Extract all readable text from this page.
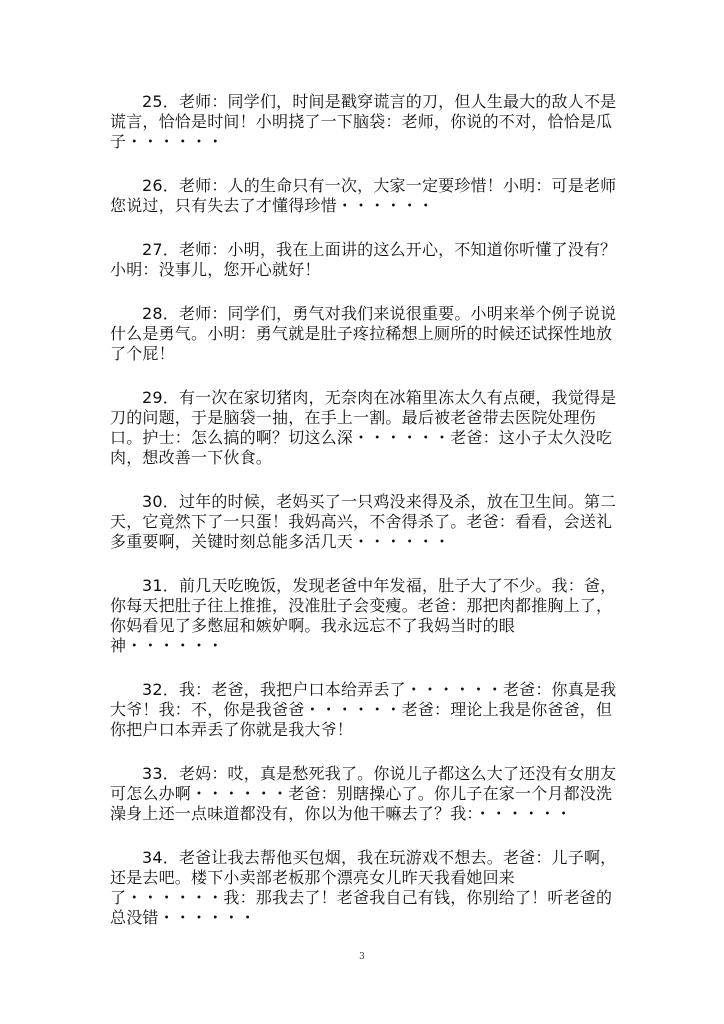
25．老师：同学们，时间是戳穿谎言的刀，但人生最大的敌人不是谎言，恰恰是时间！小明挠了一下脑袋：老师，你说的不对，恰恰是瓜子・・・・・・

26．老师：人的生命只有一次，大家一定要珍惜！小明：可是老师您说过，只有失去了才懂得珍惜・・・・・・

27．老师：小明，我在上面讲的这么开心，不知道你听懂了没有？小明：没事儿，您开心就好！

28．老师：同学们，勇气对我们来说很重要。小明来举个例子说说什么是勇气。小明：勇气就是肚子疼拉稀想上厕所的时候还试探性地放了个屁！

29．有一次在家切猪肉，无奈肉在冰箱里冻太久有点硬，我觉得是刀的问题，于是脑袋一抽，在手上一割。最后被老爸带去医院处理伤口。护士：怎么搞的啊？切这么深・・・・・・老爸：这小子太久没吃肉，想改善一下伙食。

30．过年的时候，老妈买了一只鸡没来得及杀，放在卫生间。第二天，它竟然下了一只蛋！我妈高兴，不舍得杀了。老爸：看看，会送礼多重要啊，关键时刻总能多活几天・・・・・・

31．前几天吃晚饭，发现老爸中年发福，肚子大了不少。我：爸，你每天把肚子往上推推，没准肚子会变瘦。老爸：那把肉都推胸上了，你妈看见了多憋屈和嫉妒啊。我永远忘不了我妈当时的眼神・・・・・・

32．我：老爸，我把户口本给弄丢了・・・・・・老爸：你真是我大爷！我：不，你是我爸爸・・・・・・老爸：理论上我是你爸爸，但你把户口本弄丢了你就是我大爷！

33．老妈：哎，真是愁死我了。你说儿子都这么大了还没有女朋友可怎么办啊・・・・・・老爸：别瞎操心了。你儿子在家一个月都没洗澡身上还一点味道都没有，你以为他干嘛去了？我：・・・・・・

34．老爸让我去帮他买包烟，我在玩游戏不想去。老爸：儿子啊，还是去吧。楼下小卖部老板那个漂亮女儿昨天我看她回来了・・・・・・我：那我去了！老爸我自己有钱，你别给了！听老爸的总没错・・・・・・

3
